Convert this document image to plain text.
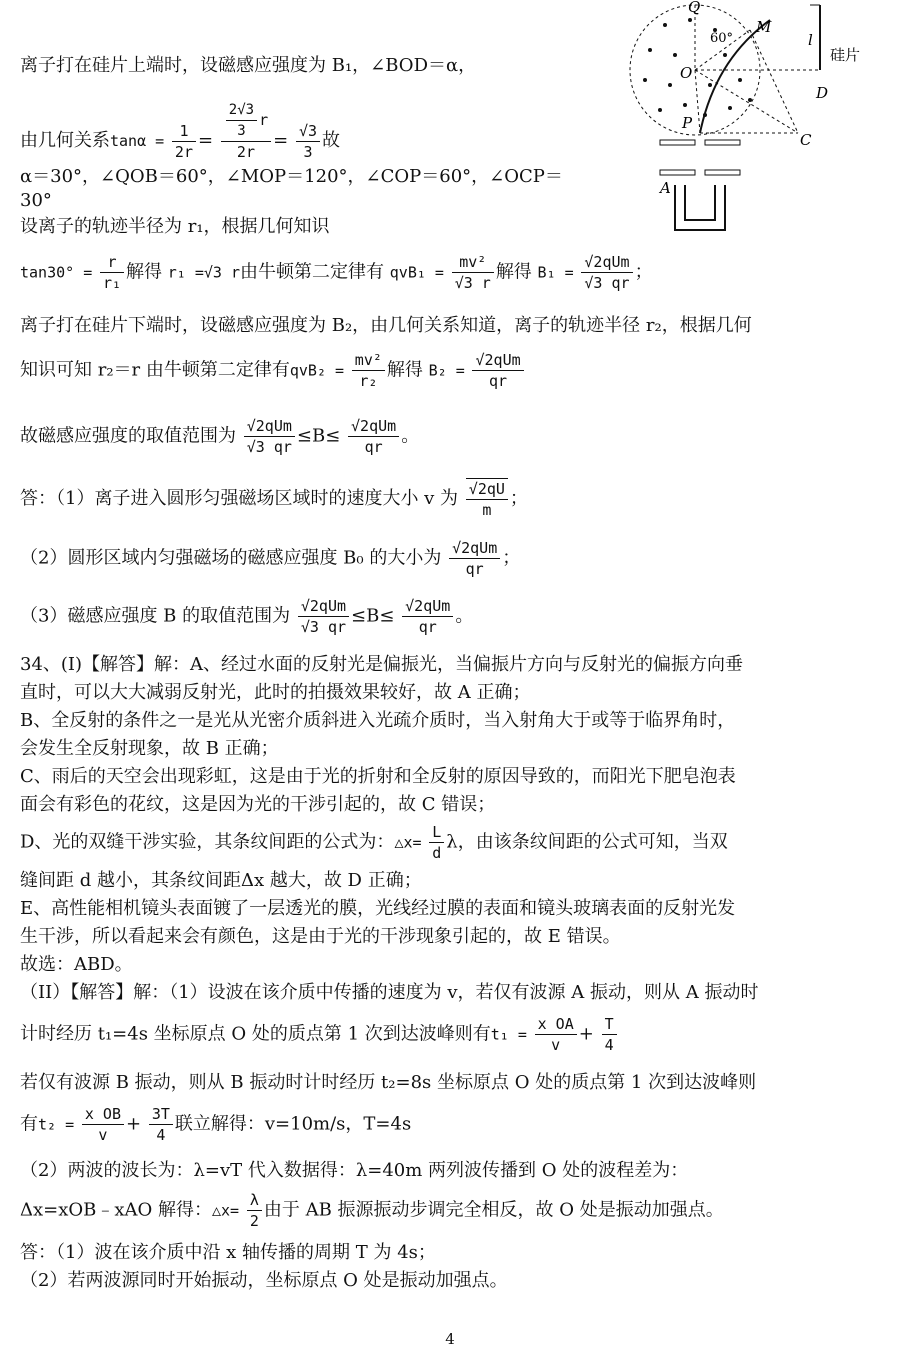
Q
M
60°	l
硅片
O
D
P
C
A
离子打在硅片上端时，设磁感应强度为 B₁，∠BOD＝α，
由几何关系$\tan\alpha = \frac{1}{2r} = \frac{\frac{2√3}{3} r}{2r} = \frac{√3}{3}$ 故
α＝30°，∠QOB＝60°，∠MOP＝120°，∠COP＝60°，∠OCP＝
30°
设离子的轨迹半径为 r₁，根据几何知识
$\tan 30^\circ = \frac{r}{\text{r₁}}$ 解得 r₁ =√3 r由牛顿第二定律有 $qvB_1 = \frac{\text{mv²}}{√3 r}$ 解得 $B_1 = \frac{\text{√2qUm}}{√3 qr}$ ；
离子打在硅片下端时，设磁感应强度为 B₂，由几何关系知道，离子的轨迹半径 r₂，根据几何
知识可知 r₂＝r 由牛顿第二定律有$qvB_2 = \frac{\text{mv²}}{\text{r₂}}$ 解得 $B_2 = \frac{\text{√2qUm}}{qr}$
故磁感应强度的取值范围为 $\frac{\text{√2qUm}}{√3 qr} \le B\le \frac{\text{√2qUm}}{qr}$ 。
答：（1）离子进入圆形匀强磁场区域时的速度大小 v 为 $\frac{√2qU}{m}$ ；
（2）圆形区域内匀强磁场的磁感应强度 B₀ 的大小为 $\frac{\text{√2qUm}}{qr}$ ；
（3）磁感应强度 B 的取值范围为 $\frac{\text{√2qUm}}{√3 qr} \le B\le \frac{\text{√2qUm}}{qr}$ 。
34、(I)【解答】解：A、经过水面的反射光是偏振光，当偏振片方向与反射光的偏振方向垂
直时，可以大大减弱反射光，此时的拍摄效果较好，故 A 正确；
B、全反射的条件之一是光从光密介质斜进入光疏介质时，当入射角大于或等于临界角时，
会发生全反射现象，故 B 正确；
C、雨后的天空会出现彩虹，这是由于光的折射和全反射的原因导致的，而阳光下肥皂泡表
面会有彩色的花纹，这是因为光的干涉引起的，故 C 错误；
D、光的双缝干涉实验，其条纹间距的公式为：△x= $\frac{L}{d}$ λ，由该条纹间距的公式可知，当双
缝间距 d 越小，其条纹间距Δx 越大，故 D 正确；
E、高性能相机镜头表面镀了一层透光的膜，光线经过膜的表面和镜头玻璃表面的反射光发
生干涉，所以看起来会有颜色，这是由于光的干涉现象引起的，故 E 错误。
故选：ABD。
（II）【解答】解：（1）设波在该介质中传播的速度为 v，若仅有波源 A 振动，则从 A 振动时
计时经历 t₁=4s 坐标原点 O 处的质点第 1 次到达波峰则有$t_1 = \frac{\text{x OA}}{v} + \frac{T}{4}$
若仅有波源 B 振动，则从 B 振动时计时经历 t₂=8s 坐标原点 O 处的质点第 1 次到达波峰则
有$t_2 = \frac{\text{x OB}}{v} + \frac{3T}{4}$ 联立解得：v=10m/s，T=4s
（2）两波的波长为：λ=vT 代入数据得：λ=40m 两列波传播到 O 处的波程差为：
Δx=xOB﹣xAO 解得：△x= $\frac{\lambda}{2}$ 由于 AB 振源振动步调完全相反，故 O 处是振动加强点。
答：（1）波在该介质中沿 x 轴传播的周期 T 为 4s；
（2）若两波源同时开始振动，坐标原点 O 处是振动加强点。
4
